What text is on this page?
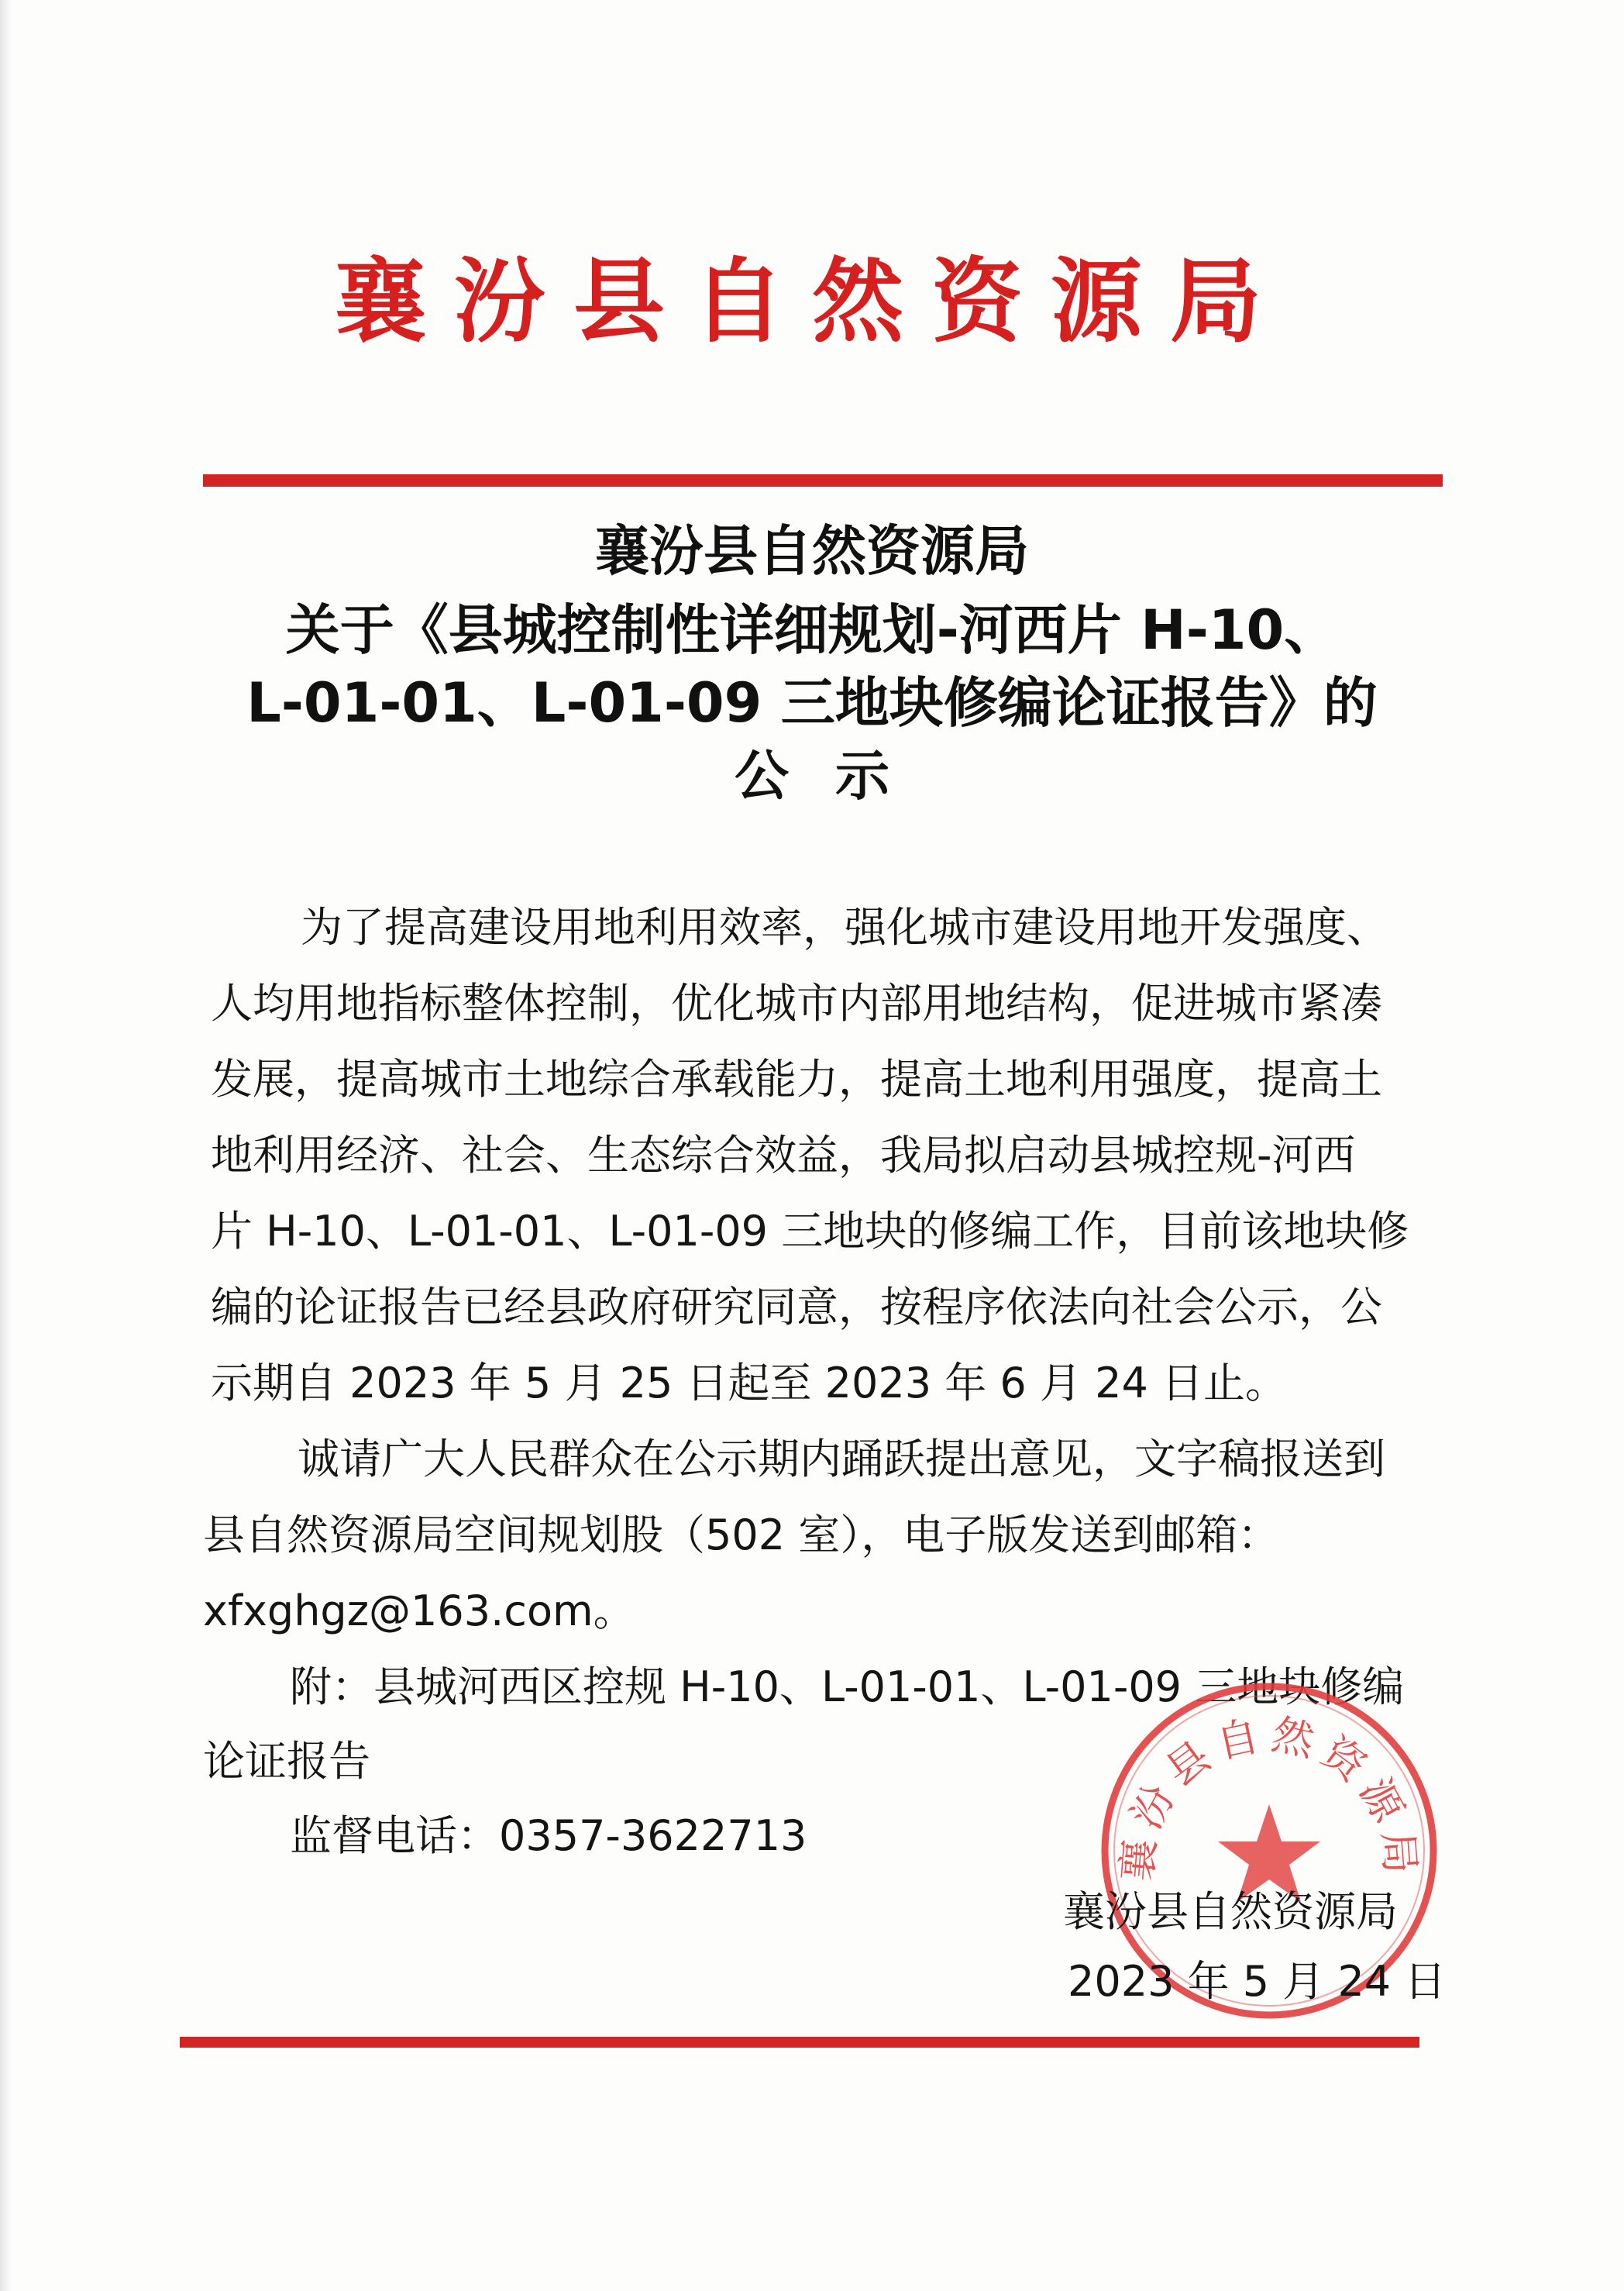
襄汾县自然资源局
襄汾县自然资源局
关于《县城控制性详细规划-河西片 H-10、
L-01-01、L-01-09 三地块修编论证报告》的
公示
为了提高建设用地利用效率，强化城市建设用地开发强度、
人均用地指标整体控制，优化城市内部用地结构，促进城市紧凑
发展，提高城市土地综合承载能力，提高土地利用强度，提高土
地利用经济、社会、生态综合效益，我局拟启动县城控规-河西
片 H-10、L-01-01、L-01-09 三地块的修编工作，目前该地块修
编的论证报告已经县政府研究同意，按程序依法向社会公示，公
示期自 2023 年 5 月 25 日起至 2023 年 6 月 24 日止。
诚请广大人民群众在公示期内踊跃提出意见，文字稿报送到
县自然资源局空间规划股（502 室），电子版发送到邮箱：
xfxghgz@163.com。
附：县城河西区控规 H-10、L-01-01、L-01-09 三地块修编
论证报告
监督电话：0357-3622713	襄汾县自然资源局
襄汾县自然资源局
2023 年 5 月 24 日
